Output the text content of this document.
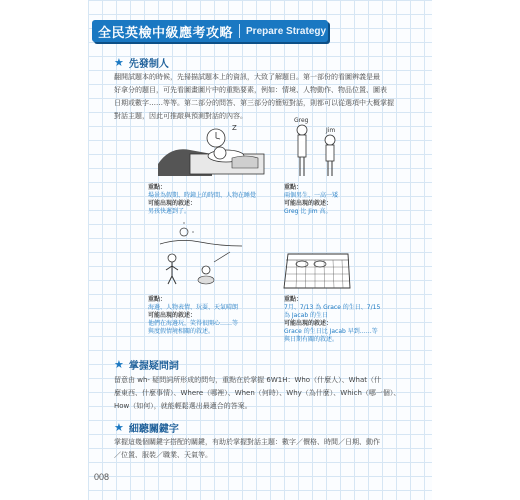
全民英檢中級應考攻略 Prepare Strategy
★ 先發制人

翻開試題本的時候，先掃描試題本上的資訊，大致了解題目。第一部份的看圖辨義是最
好拿分的題目，可先看圖畫圖片中的重點要素，例如：情境、人物動作、物品位置、圖表
日期或數字……等等。第二部分的問答、第三部分的簡短對話，則都可以從選項中大概掌握
對話主題，因此可推敲與預測對話的內容。

Z
重點：
場景為假期、時鐘上的時間、人物在睡覺
可能出現的敘述：
男孩快遲到了。
Greg
Jim
重點：
兩個男生、一高一矮
可能出現的敘述：
Greg 比 Jim 高。
重點：
海邊、人物表情、玩耍、天氣晴朗
可能出現的敘述：
他們在海邊玩，笑得很開心……等
與度假情境相關的敘述。
重點：
7月、7/13 為 Grace 的生日、7/15
為 Jacab 的生日
可能出現的敘述：
Grace 的生日比 Jacab 早到……等
與日期有關的敘述。
★ 掌握疑問詞

留意由 wh- 疑問詞所形成的問句，重點在於掌握 6W1H：Who（什麼人）、What（什
麼東西、什麼事情）、Where（哪裡）、When（何時）、Why（為什麼）、Which（哪一個）、
How（如何），就能輕鬆選出最適合的答案。

★ 細聽關鍵字

掌握這幾個關鍵字搭配的關鍵，有助於掌握對話主題：數字／價格、時間／日期、動作
／位置、服裝／職業、天氣等。

008
